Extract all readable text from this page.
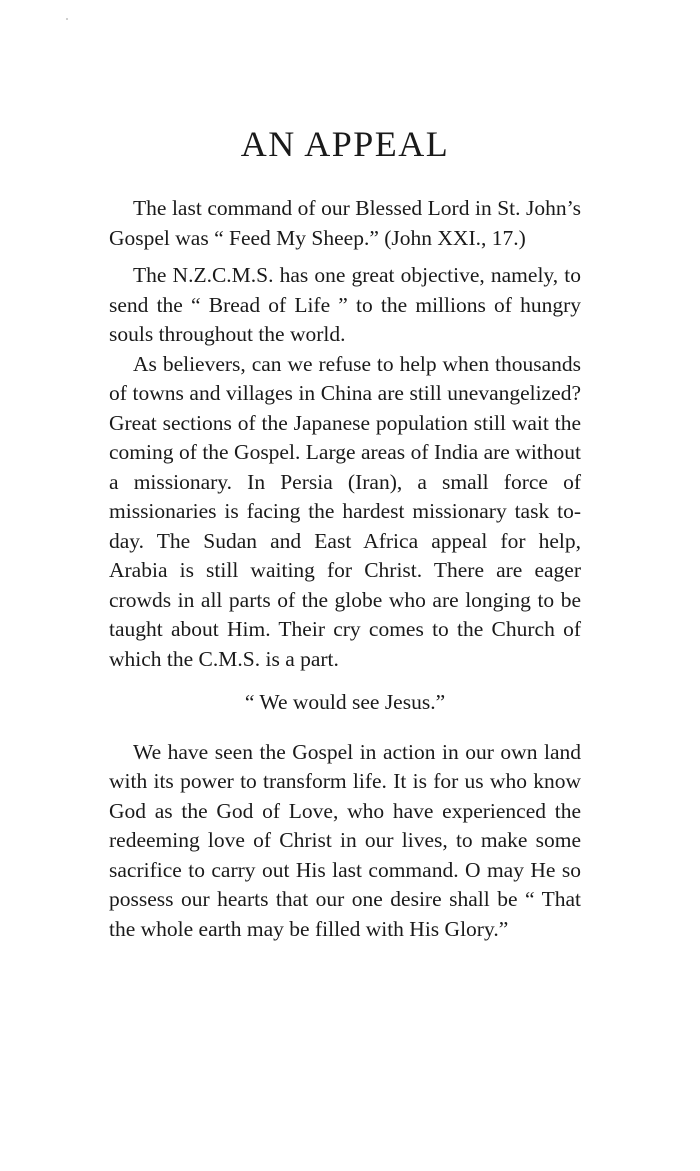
AN APPEAL

The last command of our Blessed Lord in St. John’s Gospel was “ Feed My Sheep.” (John XXI., 17.)

The N.Z.C.M.S. has one great objective, namely, to send the “ Bread of Life ” to the millions of hungry souls throughout the world.

As believers, can we refuse to help when thousands of towns and villages in China are still unevangelized? Great sections of the Japanese population still wait the coming of the Gospel. Large areas of India are without a missionary. In Persia (Iran), a small force of missionaries is facing the hardest missionary task to-day. The Sudan and East Africa appeal for help, Arabia is still waiting for Christ. There are eager crowds in all parts of the globe who are longing to be taught about Him. Their cry comes to the Church of which the C.M.S. is a part.

“ We would see Jesus.”

We have seen the Gospel in action in our own land with its power to transform life. It is for us who know God as the God of Love, who have experienced the redeeming love of Christ in our lives, to make some sacrifice to carry out His last command. O may He so possess our hearts that our one desire shall be “ That the whole earth may be filled with His Glory.”
